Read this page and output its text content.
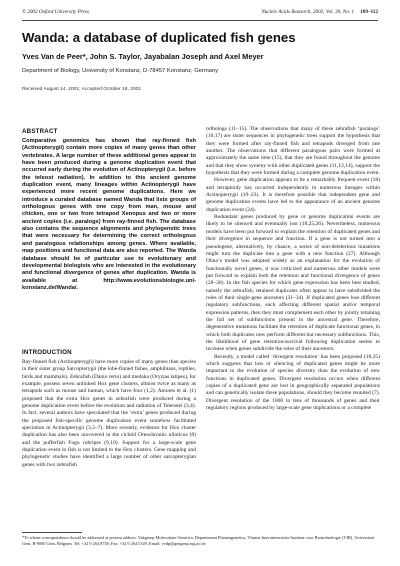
© 2002 Oxford University Press	Nucleic Acids Research, 2002, Vol. 30, No. 1 109–112
Wanda: a database of duplicated fish genes
Yves Van de Peer*, John S. Taylor, Jayabalan Joseph and Axel Meyer
Department of Biology, University of Konstanz, D-78457 Konstanz, Germany
Received August 14, 2001; Accepted October 18, 2001
ABSTRACT
Comparative genomics has shown that ray-finned fish (Actinopterygii) contain more copies of many genes than other vertebrates. A large number of these additional genes appear to have been produced during a genome duplication event that occurred early during the evolution of Actinopterygii (i.e. before the teleost radiation). In addition to this ancient genome duplication event, many lineages within Actinopterygii have experienced more recent genome duplications. Here we introduce a curated database named Wanda that lists groups of orthologous genes with one copy from man, mouse and chicken, one or two from tetrapod Xenopus and two or more ancient copies (i.e. paralogs) from ray-finned fish. The database also contains the sequence alignments and phylogenetic trees that were necessary for determining the correct orthologous and paralogous relationships among genes. Where available, map positions and functional data are also reported. The Wanda database should be of particular use to evolutionary and developmental biologists who are interested in the evolutionary and functional divergence of genes after duplication. Wanda is available at http://www.evolutionsbiologie.uni-konstanz.de/Wanda/.
INTRODUCTION
Ray-finned fish (Actinopterygii) have more copies of many genes than species in their sister group Sarcopterygii (the lobe-finned fishes, amphibians, reptiles, birds and mammals). Zebrafish (Danio rerio) and medaka (Oryzias latipes), for example, possess seven unlinked Hox gene clusters, almost twice as many as tetrapods such as mouse and human, which have four (1,2). Amores et al. (1) proposed that the extra Hox genes in zebrafish were produced during a genome duplication event before the evolution and radiation of Teleostei (3,4). In fact, several authors have speculated that the ‘extra’ genes produced during the proposed fish-specific genome duplication event somehow facilitated speciation in Actinopterygii (3,5–7). More recently, evidence for Hox cluster duplication has also been uncovered in the cichlid Oreochromis niloticus (8) and the pufferfish Fugu rubripes (9,10). Support for a large-scale gene duplication event in fish is not limited to the Hox clusters. Gene mapping and phylogenetic studies have identified a large number of other sarcopterygian genes with two zebrafish

orthologs (11–15). The observations that many of these zebrafish ‘paralogs’ (16,17) are sister sequences in phylogenetic trees support the hypothesis that they were formed after ray-finned fish and tetrapods diverged from one another. The observations that different paralogous pairs were formed at approximately the same time (15), that they are found throughout the genome and that they show synteny with other duplicated genes (11,12,14), support the hypothesis that they were formed during a complete genome duplication event.

However, gene duplication appears to be a remarkably frequent event (18) and tetraploidy has occurred independently in numerous lineages within Actinopterygii (19–23). It is therefore possible that independent gene and genome duplication events have led to the appearance of an ancient genome duplication event (24).

Redundant genes produced by gene or genome duplication events are likely to be silenced and eventually lost (18,25,26). Nevertheless, numerous models have been put forward to explain the retention of duplicated genes and their divergence in sequence and function. If a gene is not turned into a pseudogene, alternatively, by chance, a series of non-deleterious mutations might turn the duplicate into a gene with a new function (27). Although Ohno’s model was adopted widely as an explanation for the evolution of functionally novel genes, it was criticized and numerous other models were put forward to explain both the retention and functional divergence of genes (28–30). In the fish species for which gene expression has been best studied, namely the zebrafish, retained duplicates often appear to have subdivided the roles of their single-gene ancestors (31–34). If duplicated genes lose different regulatory subfunctions, each affecting different spatial and/or temporal expression patterns, then they must complement each other by jointly retaining the full set of subfunctions present in the ancestral gene. Therefore, degenerative mutations facilitate the retention of duplicate functional genes, in which both duplicates now perform different but necessary subfunctions. This, the likelihood of gene retention/survival following duplication seems to increase when genes subdivide the roles of their ancestors.

Recently, a model called ‘divergent resolution’ has been proposed (18,35) which suggests that loss or silencing of duplicated genes might be more important to the evolution of species diversity than the evolution of new functions in duplicated genes. Divergent resolution occurs when different copies of a duplicated gene are lost in geographically separated populations and can genetically isolate these populations, should they become reunited (7). Divergent resolution of the 1000 to tens of thousands of genes and their regulatory regions produced by large-scale gene duplications or a complete

*To whom correspondence should be addressed at present address: Vakgroep Moleculaire Genetica, Departement Plantengenetica, Vlaams Interuniversitair Instituut voor Biotechnologie (VIB), Universiteit Gent, B-9000 Gent, Belgium. Tel: +32 9 264 8758; Fax: +32 9 264 5349; Email: yvdp@gengenp.rug.ac.be
